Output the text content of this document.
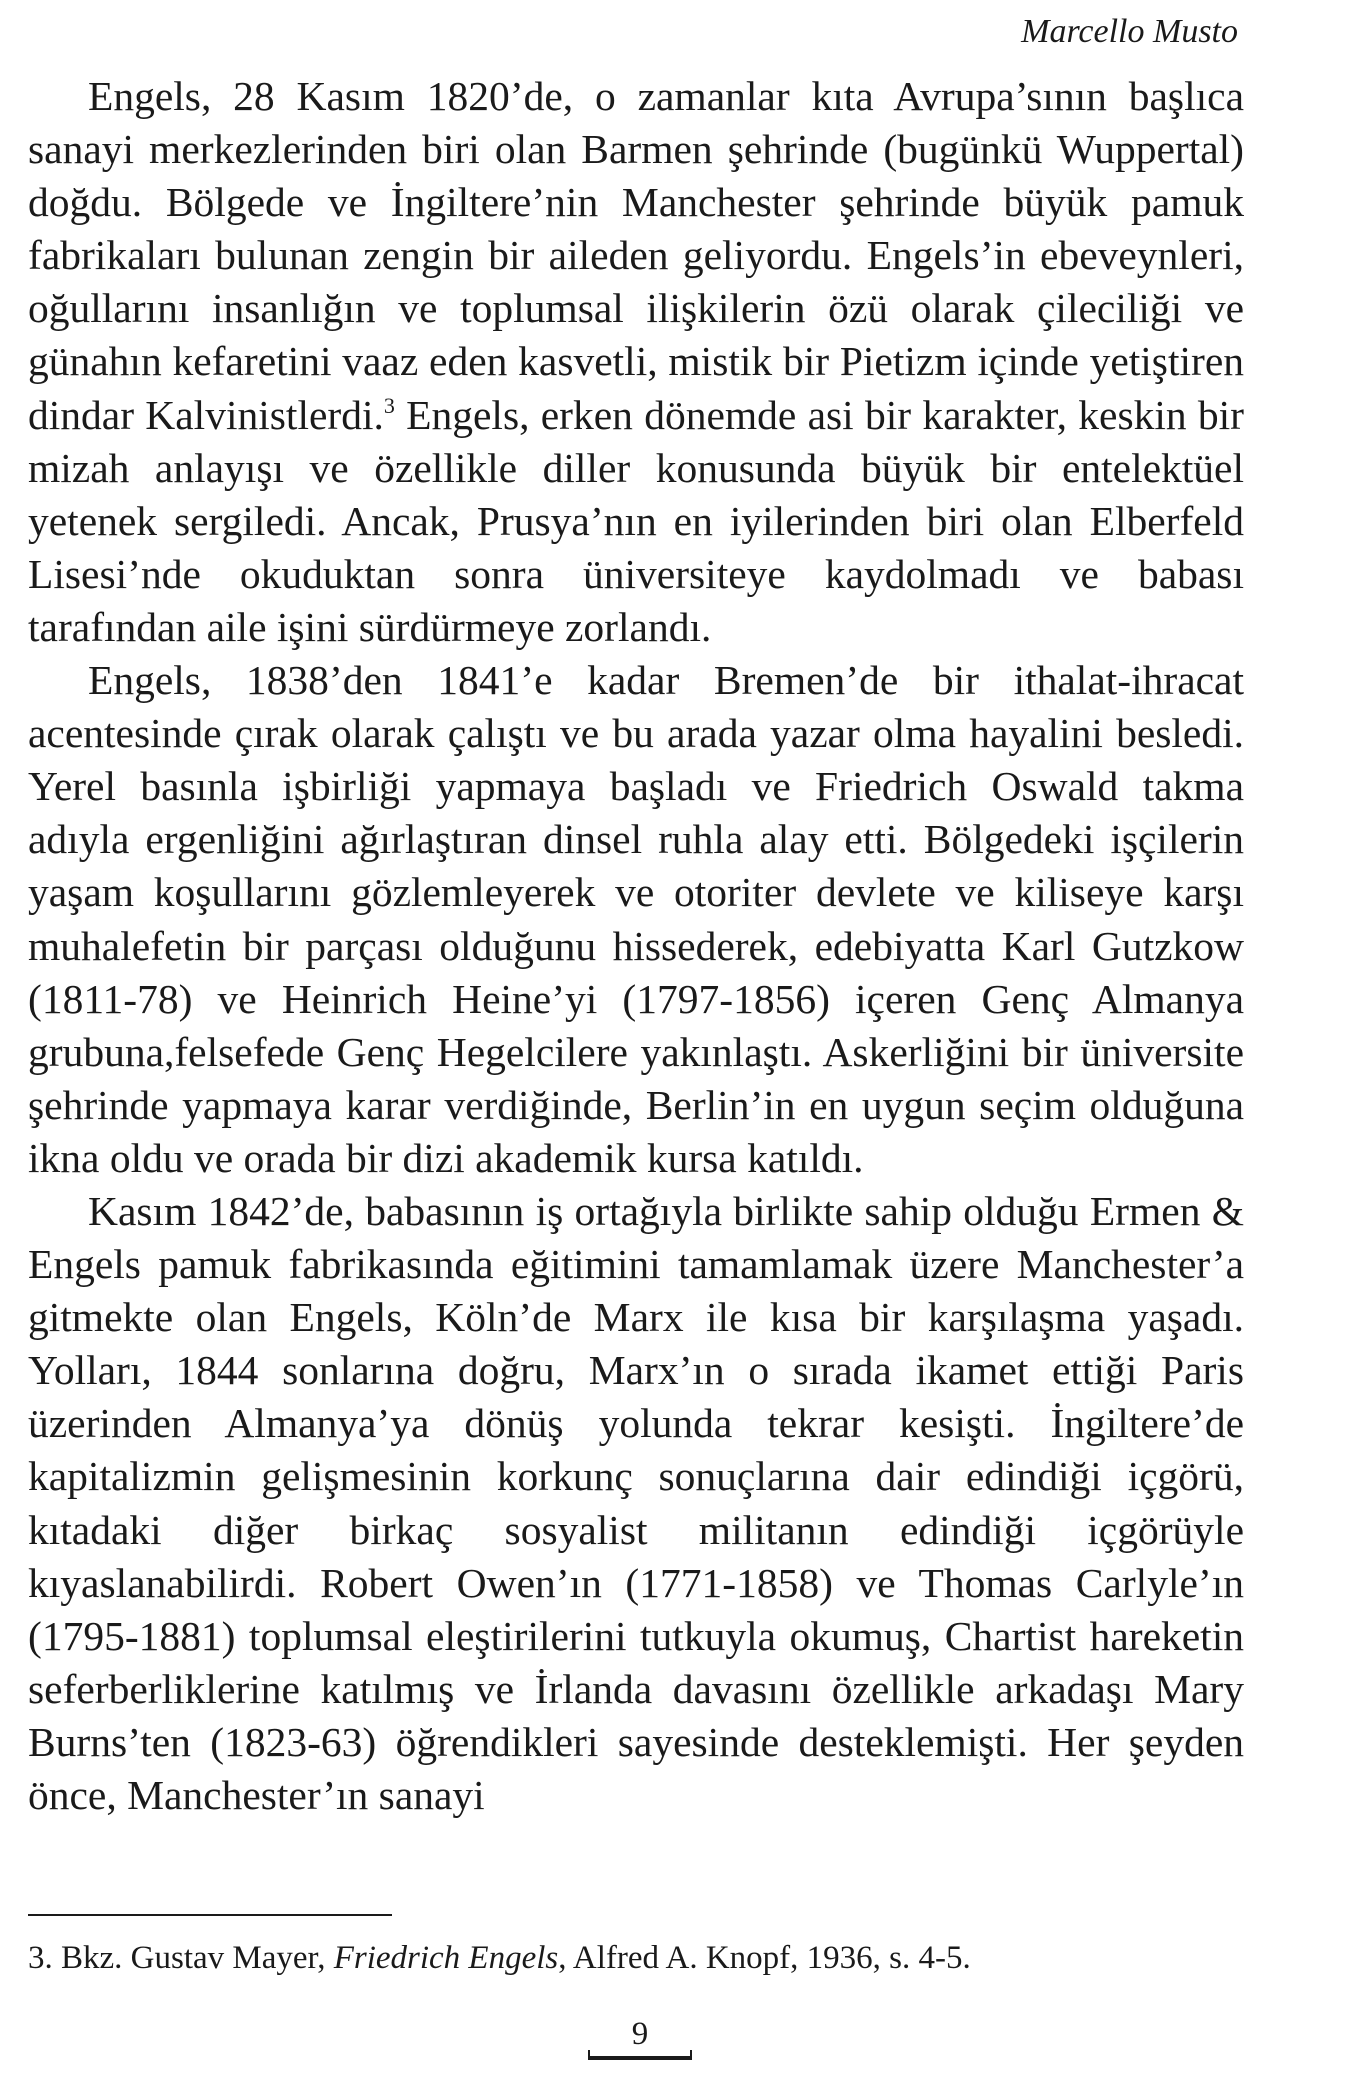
Marcello Musto

Engels, 28 Kasım 1820’de, o zamanlar kıta Avrupa’sının başlıca sanayi merkezlerinden biri olan Barmen şehrinde (bugünkü Wuppertal) doğdu. Bölgede ve İngiltere’nin Manchester şehrinde büyük pamuk fabrikaları bulunan zengin bir aileden geliyordu. Engels’in ebeveynleri, oğullarını insanlığın ve toplumsal ilişkilerin özü olarak çileciliği ve günahın kefaretini vaaz eden kasvetli, mistik bir Pietizm içinde yetiştiren dindar Kalvinistlerdi.$^3$ Engels, erken dönemde asi bir karakter, keskin bir mizah anlayışı ve özellikle diller konusunda büyük bir entelektüel yetenek sergiledi. Ancak, Prusya’nın en iyilerinden biri olan Elberfeld Lisesi’nde okuduktan sonra üniversiteye kaydolmadı ve babası tarafından aile işini sürdürmeye zorlandı.

Engels, 1838’den 1841’e kadar Bremen’de bir ithalat-ihracat acentesinde çırak olarak çalıştı ve bu arada yazar olma hayalini besledi. Yerel basınla işbirliği yapmaya başladı ve Friedrich Oswald takma adıyla ergenliğini ağırlaştıran dinsel ruhla alay etti. Bölgedeki işçilerin yaşam koşullarını gözlemleyerek ve otoriter devlete ve kiliseye karşı muhalefetin bir parçası olduğunu hissederek, edebiyatta Karl Gutzkow (1811-78) ve Heinrich Heine’yi (1797-1856) içeren Genç Almanya grubuna,felsefede Genç Hegelcilere yakınlaştı. Askerliğini bir üniversite şehrinde yapmaya karar verdiğinde, Berlin’in en uygun seçim olduğuna ikna oldu ve orada bir dizi akademik kursa katıldı.

Kasım 1842’de, babasının iş ortağıyla birlikte sahip olduğu Ermen & Engels pamuk fabrikasında eğitimini tamamlamak üzere Manchester’a gitmekte olan Engels, Köln’de Marx ile kısa bir karşılaşma yaşadı. Yolları, 1844 sonlarına doğru, Marx’ın o sırada ikamet ettiği Paris üzerinden Almanya’ya dönüş yolunda tekrar kesişti. İngiltere’de kapitalizmin gelişmesinin korkunç sonuçlarına dair edindiği içgörü, kıtadaki diğer birkaç sosyalist militanın edindiği içgörüyle kıyaslanabilirdi. Robert Owen’ın (1771-1858) ve Thomas Carlyle’ın (1795-1881) toplumsal eleştirilerini tutkuyla okumuş, Chartist hareketin seferberliklerine katılmış ve İrlanda davasını özellikle arkadaşı Mary Burns’ten (1823-63) öğrendikleri sayesinde desteklemişti. Her şeyden önce, Manchester’ın sanayi

3. Bkz. Gustav Mayer, Friedrich Engels, Alfred A. Knopf, 1936, s. 4-5.
9
